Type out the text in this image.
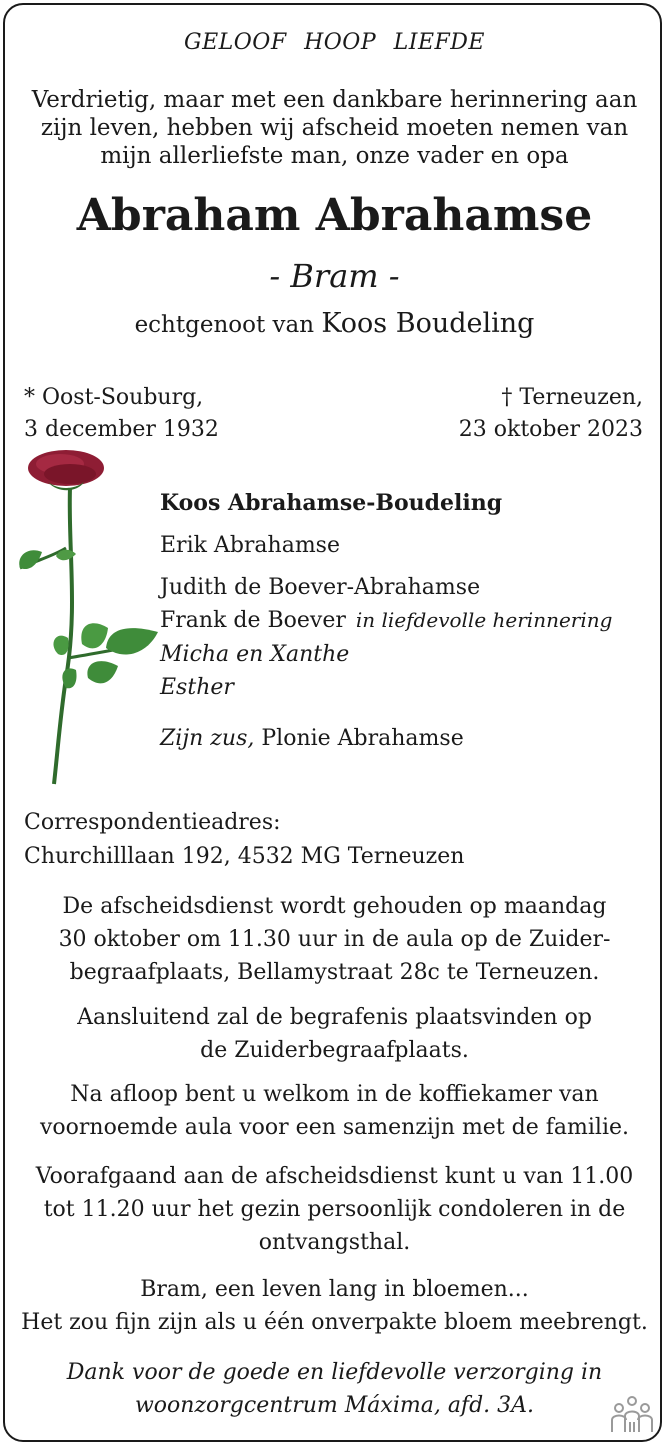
GELOOF HOOP LIEFDE
Verdrietig, maar met een dankbare herinnering aan
zijn leven, hebben wij afscheid moeten nemen van
mijn allerliefste man, onze vader en opa
Abraham Abrahamse
- Bram -
echtgenoot van Koos Boudeling
* Oost-Souburg,
3 december 1932
† Terneuzen,
23 oktober 2023
Koos Abrahamse-Boudeling
Erik Abrahamse
Judith de Boever-Abrahamse
Frank de Boever in liefdevolle herinnering
Micha en Xanthe
Esther
Zijn zus, Plonie Abrahamse
Correspondentieadres:
Churchilllaan 192, 4532 MG Terneuzen
De afscheidsdienst wordt gehouden op maandag
30 oktober om 11.30 uur in de aula op de Zuider-
begraafplaats, Bellamystraat 28c te Terneuzen.
Aansluitend zal de begrafenis plaatsvinden op
de Zuiderbegraafplaats.
Na afloop bent u welkom in de koffiekamer van
voornoemde aula voor een samenzijn met de familie.
Voorafgaand aan de afscheidsdienst kunt u van 11.00
tot 11.20 uur het gezin persoonlijk condoleren in de
ontvangsthal.
Bram, een leven lang in bloemen...
Het zou fijn zijn als u één onverpakte bloem meebrengt.
Dank voor de goede en liefdevolle verzorging in
woonzorgcentrum Máxima, afd. 3A.
